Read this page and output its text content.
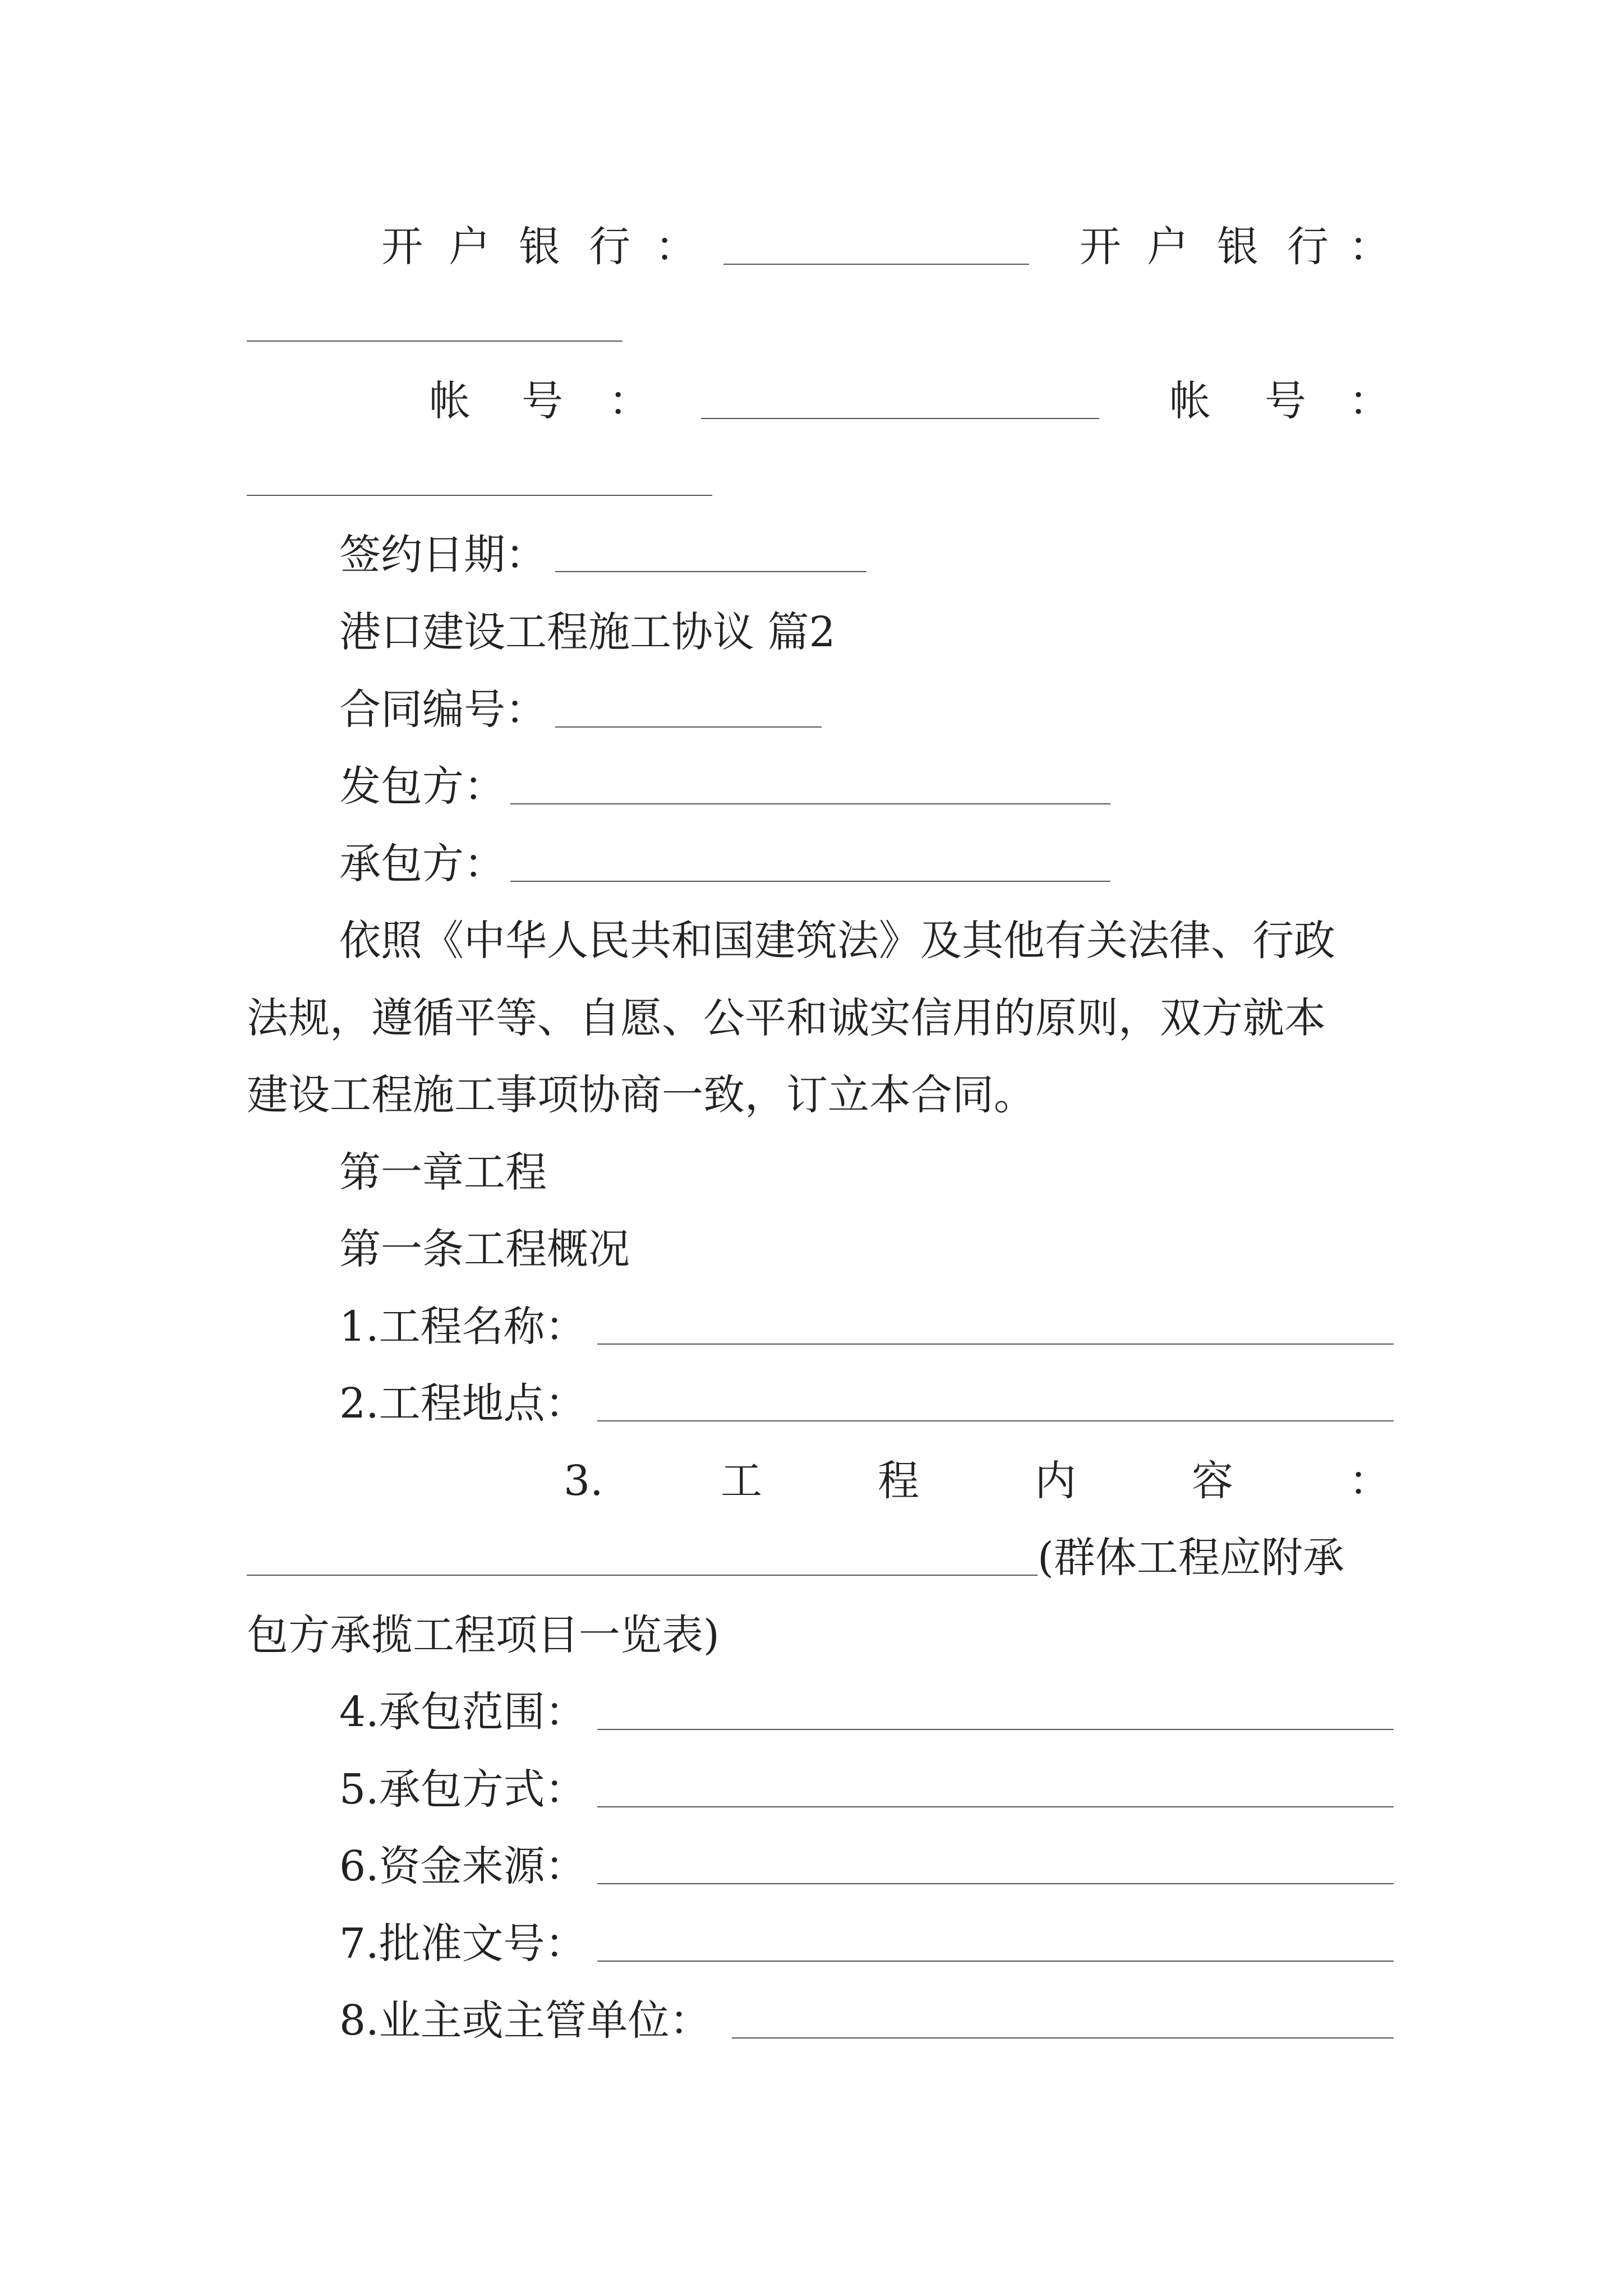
开 户 银 行 ：	开 户 银 行 ：
帐 号 ：	帐 号 ：
签约日期：
港口建设工程施工协议 篇2
合同编号：
发包方：
承包方：
依照《中华人民共和国建筑法》及其他有关法律、行政
法规，遵循平等、自愿、公平和诚实信用的原则，双方就本
建设工程施工事项协商一致，订立本合同。
第一章工程
第一条工程概况
1.工程名称：
2.工程地点：
3.	工	程	内	容	：
(群体工程应附承
包方承揽工程项目一览表)
4.承包范围：
5.承包方式：
6.资金来源：
7.批准文号：
8.业主或主管单位：
